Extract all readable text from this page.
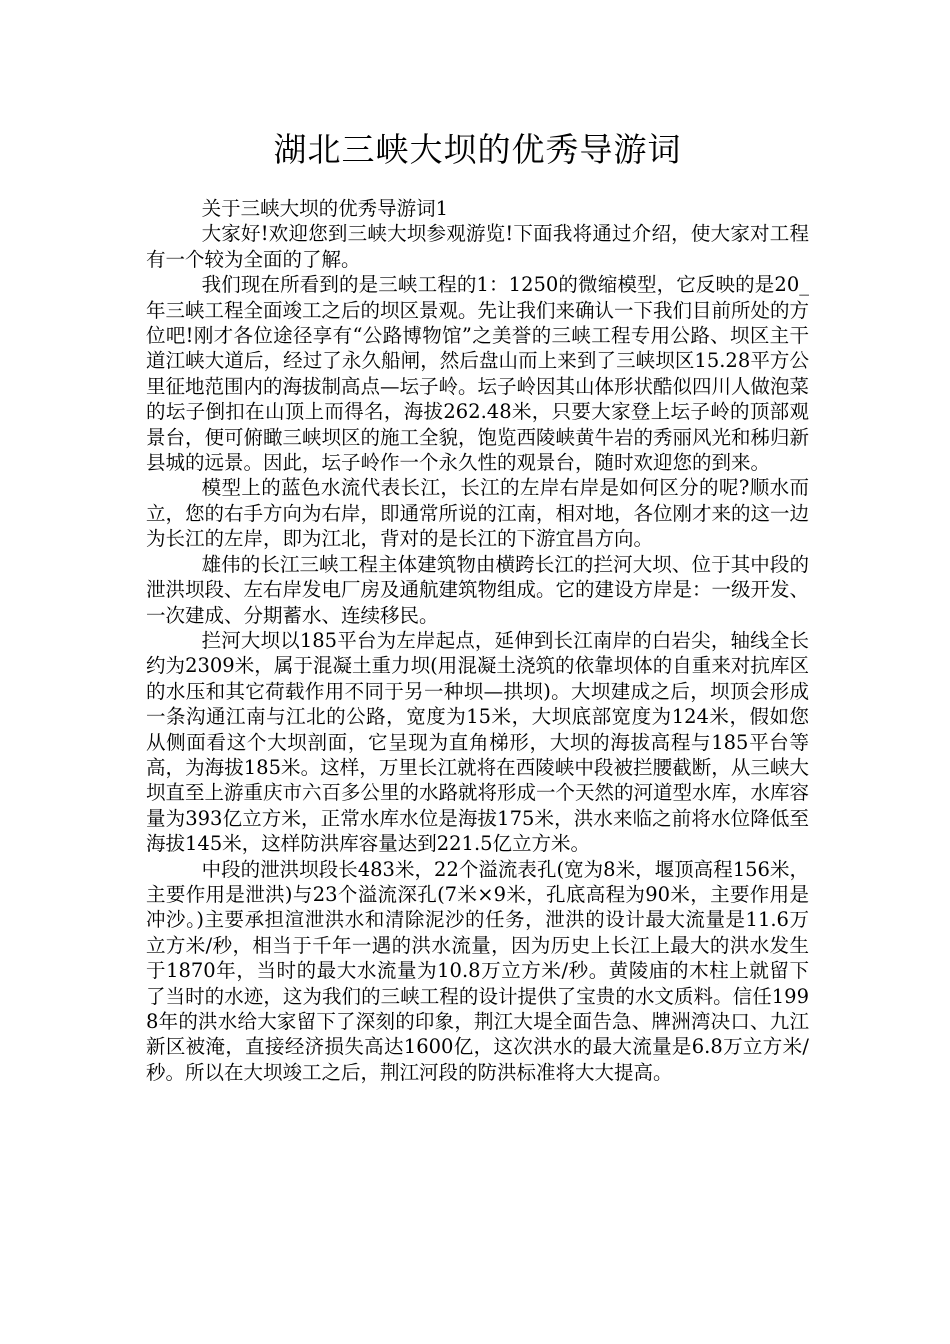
湖北三峡大坝的优秀导游词

关于三峡大坝的优秀导游词1

大家好!欢迎您到三峡大坝参观游览!下面我将通过介绍，使大家对工程有一个较为全面的了解。

我们现在所看到的是三峡工程的1：1250的微缩模型，它反映的是20_年三峡工程全面竣工之后的坝区景观。先让我们来确认一下我们目前所处的方位吧!刚才各位途径享有“公路博物馆”之美誉的三峡工程专用公路、坝区主干道江峡大道后，经过了永久船闸，然后盘山而上来到了三峡坝区15.28平方公里征地范围内的海拔制高点—坛子岭。坛子岭因其山体形状酷似四川人做泡菜的坛子倒扣在山顶上而得名，海拔262.48米，只要大家登上坛子岭的顶部观景台，便可俯瞰三峡坝区的施工全貌，饱览西陵峡黄牛岩的秀丽风光和秭归新县城的远景。因此，坛子岭作一个永久性的观景台，随时欢迎您的到来。

模型上的蓝色水流代表长江，长江的左岸右岸是如何区分的呢?顺水而立，您的右手方向为右岸，即通常所说的江南，相对地，各位刚才来的这一边为长江的左岸，即为江北，背对的是长江的下游宜昌方向。

雄伟的长江三峡工程主体建筑物由横跨长江的拦河大坝、位于其中段的泄洪坝段、左右岸发电厂房及通航建筑物组成。它的建设方岸是：一级开发、一次建成、分期蓄水、连续移民。

拦河大坝以185平台为左岸起点，延伸到长江南岸的白岩尖，轴线全长约为2309米，属于混凝土重力坝(用混凝土浇筑的依靠坝体的自重来对抗库区的水压和其它荷载作用不同于另一种坝—拱坝)。大坝建成之后，坝顶会形成一条沟通江南与江北的公路，宽度为15米，大坝底部宽度为124米，假如您从侧面看这个大坝剖面，它呈现为直角梯形，大坝的海拔高程与185平台等高，为海拔185米。这样，万里长江就将在西陵峡中段被拦腰截断，从三峡大坝直至上游重庆市六百多公里的水路就将形成一个天然的河道型水库，水库容量为393亿立方米，正常水库水位是海拔175米，洪水来临之前将水位降低至海拔145米，这样防洪库容量达到221.5亿立方米。

中段的泄洪坝段长483米，22个溢流表孔(宽为8米，堰顶高程156米，主要作用是泄洪)与23个溢流深孔(7米×9米，孔底高程为90米，主要作用是冲沙。)主要承担渲泄洪水和清除泥沙的任务，泄洪的设计最大流量是11.6万立方米/秒，相当于千年一遇的洪水流量，因为历史上长江上最大的洪水发生于1870年，当时的最大水流量为10.8万立方米/秒。黄陵庙的木柱上就留下了当时的水迹，这为我们的三峡工程的设计提供了宝贵的水文质料。信任1998年的洪水给大家留下了深刻的印象，荆江大堤全面告急、牌洲湾决口、九江新区被淹，直接经济损失高达1600亿，这次洪水的最大流量是6.8万立方米/秒。所以在大坝竣工之后，荆江河段的防洪标准将大大提高。
